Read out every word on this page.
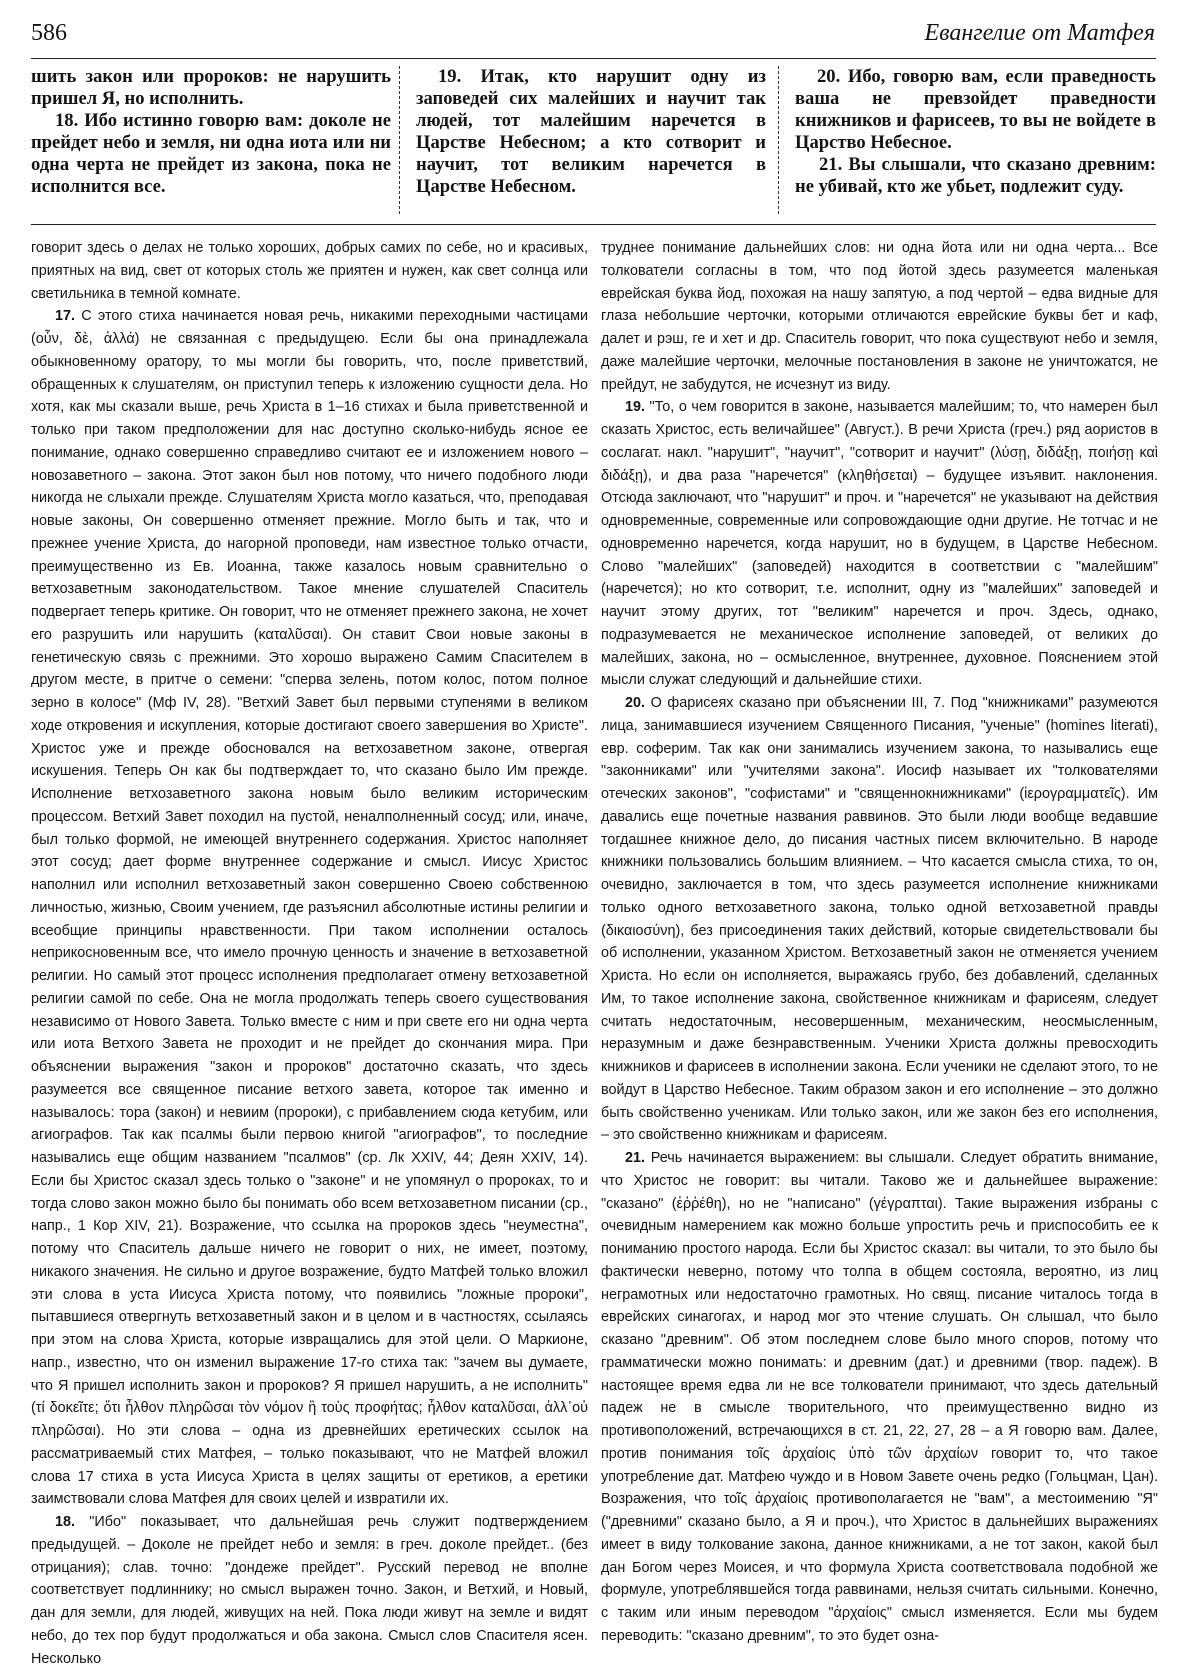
586	Евангелие от Матфея

шить закон или пророков: не нарушить пришел Я, но исполнить.

18. Ибо истинно говорю вам: доколе не прейдет небо и земля, ни одна иота или ни одна черта не прейдет из закона, пока не исполнится все.

19. Итак, кто нарушит одну из заповедей сих малейших и научит так людей, тот малейшим наречется в Царстве Небесном; а кто сотворит и научит, тот великим наречется в Царстве Небесном.

20. Ибо, говорю вам, если праведность ваша не превзойдет праведности книжников и фарисеев, то вы не войдете в Царство Небесное.

21. Вы слышали, что сказано древним: не убивай, кто же убьет, подлежит суду.

говорит здесь о делах не только хороших, добрых самих по себе, но и красивых, приятных на вид, свет от которых столь же приятен и нужен, как свет солнца или светильника в темной комнате.

17. С этого стиха начинается новая речь, никакими переходными частицами (οὖν, δὲ, ἀλλά) не связанная с предыдущею. Если бы она принадлежала обыкновенному оратору, то мы могли бы говорить, что, после приветствий, обращенных к слушателям, он приступил теперь к изложению сущности дела. Но хотя, как мы сказали выше, речь Христа в 1–16 стихах и была приветственной и только при таком предположении для нас доступно сколько-нибудь ясное ее понимание, однако совершенно справедливо считают ее и изложением нового – новозаветного – закона. Этот закон был нов потому, что ничего подобного люди никогда не слыхали прежде. Слушателям Христа могло казаться, что, преподавая новые законы, Он совершенно отменяет прежние. Могло быть и так, что и прежнее учение Христа, до нагорной проповеди, нам известное только отчасти, преимущественно из Ев. Иоанна, также казалось новым сравнительно о ветхозаветным законодательством. Такое мнение слушателей Спаситель подвергает теперь критике. Он говорит, что не отменяет прежнего закона, не хочет его разрушить или нарушить (καταλῦσαι). Он ставит Свои новые законы в генетическую связь с прежними. Это хорошо выражено Самим Спасителем в другом месте, в притче о семени: "сперва зелень, потом колос, потом полное зерно в колосе" (Мф IV, 28). "Ветхий Завет был первыми ступенями в великом ходе откровения и искупления, которые достигают своего завершения во Христе". Христос уже и прежде обосновался на ветхозаветном законе, отвергая искушения. Теперь Он как бы подтверждает то, что сказано было Им прежде. Исполнение ветхозаветного закона новым было великим историческим процессом. Ветхий Завет походил на пустой, неналполненный сосуд; или, иначе, был только формой, не имеющей внутреннего содержания. Христос наполняет этот сосуд; дает форме внутреннее содержание и смысл. Иисус Христос наполнил или исполнил ветхозаветный закон совершенно Своею собственною личностью, жизнью, Своим учением, где разъяснил абсолютные истины религии и всеобщие принципы нравственности. При таком исполнении осталось неприкосновенным все, что имело прочную ценность и значение в ветхозаветной религии. Но самый этот процесс исполнения предполагает отмену ветхозаветной религии самой по себе. Она не могла продолжать теперь своего существования независимо от Нового Завета. Только вместе с ним и при свете его ни одна черта или иота Ветхого Завета не проходит и не прейдет до скончания мира. При объяснении выражения "закон и пророков" достаточно сказать, что здесь разумеется все священное писание ветхого завета, которое так именно и называлось: тора (закон) и невиим (пророки), с прибавлением сюда кетубим, или агиографов. Так как псалмы были первою книгой "агиографов", то последние назывались еще общим названием "псалмов" (ср. Лк XXIV, 44; Деян XXIV, 14). Если бы Христос сказал здесь только о "законе" и не упомянул о пророках, то и тогда слово закон можно было бы понимать обо всем ветхозаветном писании (ср., напр., 1 Кор XIV, 21). Возражение, что ссылка на пророков здесь "неуместна", потому что Спаситель дальше ничего не говорит о них, не имеет, поэтому, никакого значения. Не сильно и другое возражение, будто Матфей только вложил эти слова в уста Иисуса Христа потому, что появились "ложные пророки", пытавшиеся отвергнуть ветхозаветный закон и в целом и в частностях, ссылаясь при этом на слова Христа, которые извращались для этой цели. О Маркионе, напр., известно, что он изменил выражение 17-го стиха так: "зачем вы думаете, что Я пришел исполнить закон и пророков? Я пришел нарушить, а не исполнить" (τί δοκεῖτε; ὅτι ἦλθον πληρῶσαι τὸν νόμον ἢ τοὺς προφήτας; ἦλθον καταλῦσαι, ἀλλ᾽οὐ πληρῶσαι). Но эти слова – одна из древнейших еретических ссылок на рассматриваемый стих Матфея, – только показывают, что не Матфей вложил слова 17 стиха в уста Иисуса Христа в целях защиты от еретиков, а еретики заимствовали слова Матфея для своих целей и извратили их.

18. "Ибо" показывает, что дальнейшая речь служит подтверждением предыдущей. – Доколе не прейдет небо и земля: в греч. доколе прейдет.. (без отрицания); слав. точно: "дондеже прейдет". Русский перевод не вполне соответствует подлиннику; но смысл выражен точно. Закон, и Ветхий, и Новый, дан для земли, для людей, живущих на ней. Пока люди живут на земле и видят небо, до тех пор будут продолжаться и оба закона. Смысл слов Спасителя ясен. Несколько

труднее понимание дальнейших слов: ни одна йота или ни одна черта... Все толкователи согласны в том, что под йотой здесь разумеется маленькая еврейская буква йод, похожая на нашу запятую, а под чертой – едва видные для глаза небольшие черточки, которыми отличаются еврейские буквы бет и каф, далет и рэш, ге и хет и др. Спаситель говорит, что пока существуют небо и земля, даже малейшие черточки, мелочные постановления в законе не уничтожатся, не прейдут, не забудутся, не исчезнут из виду.

19. "То, о чем говорится в законе, называется малейшим; то, что намерен был сказать Христос, есть величайшее" (Август.). В речи Христа (греч.) ряд аористов в сослагат. накл. "нарушит", "научит", "сотворит и научит" (λύσῃ, διδάξῃ, ποιήσῃ καὶ διδάξῃ), и два раза "наречется" (κληθήσεται) – будущее изъявит. наклонения. Отсюда заключают, что "нарушит" и проч. и "наречется" не указывают на действия одновременные, современные или сопровождающие одни другие. Не тотчас и не одновременно наречется, когда нарушит, но в будущем, в Царстве Небесном. Слово "малейших" (заповедей) находится в соответствии с "малейшим" (наречется); но кто сотворит, т.е. исполнит, одну из "малейших" заповедей и научит этому других, тот "великим" наречется и проч. Здесь, однако, подразумевается не механическое исполнение заповедей, от великих до малейших, закона, но – осмысленное, внутреннее, духовное. Пояснением этой мысли служат следующий и дальнейшие стихи.

20. О фарисеях сказано при объяснении III, 7. Под "книжниками" разумеются лица, занимавшиеся изучением Священного Писания, "ученые" (homines literati), евр. соферим. Так как они занимались изучением закона, то назывались еще "законниками" или "учителями закона". Иосиф называет их "толкователями отеческих законов", "софистами" и "священнокнижниками" (ἱερογραμματεῖς). Им давались еще почетные названия раввинов. Это были люди вообще ведавшие тогдашнее книжное дело, до писания частных писем включительно. В народе книжники пользовались большим влиянием. – Что касается смысла стиха, то он, очевидно, заключается в том, что здесь разумеется исполнение книжниками только одного ветхозаветного закона, только одной ветхозаветной правды (δικαιοσύνη), без присоединения таких действий, которые свидетельствовали бы об исполнении, указанном Христом. Ветхозаветный закон не отменяется учением Христа. Но если он исполняется, выражаясь грубо, без добавлений, сделанных Им, то такое исполнение закона, свойственное книжникам и фарисеям, следует считать недостаточным, несовершенным, механическим, неосмысленным, неразумным и даже безнравственным. Ученики Христа должны превосходить книжников и фарисеев в исполнении закона. Если ученики не сделают этого, то не войдут в Царство Небесное. Таким образом закон и его исполнение – это должно быть свойственно ученикам. Или только закон, или же закон без его исполнения, – это свойственно книжникам и фарисеям.

21. Речь начинается выражением: вы слышали. Следует обратить внимание, что Христос не говорит: вы читали. Таково же и дальнейшее выражение: "сказано" (ἐῤῥέθη), но не "написано" (γέγραπται). Такие выражения избраны с очевидным намерением как можно больше упростить речь и приспособить ее к пониманию простого народа. Если бы Христос сказал: вы читали, то это было бы фактически неверно, потому что толпа в общем состояла, вероятно, из лиц неграмотных или недостаточно грамотных. Но свящ. писание читалось тогда в еврейских синагогах, и народ мог это чтение слушать. Он слышал, что было сказано "древним". Об этом последнем слове было много споров, потому что грамматически можно понимать: и древним (дат.) и древними (твор. падеж). В настоящее время едва ли не все толкователи принимают, что здесь дательный падеж не в смысле творительного, что преимущественно видно из противоположений, встречающихся в ст. 21, 22, 27, 28 – а Я говорю вам. Далее, против понимания τοῖς ἀρχαίοις ὑπὸ τῶν ἀρχαίων говорит то, что такое употребление дат. Матфею чуждо и в Новом Завете очень редко (Гольцман, Цан). Возражения, что τοῖς ἀρχαίοις противополагается не "вам", а местоимению "Я" ("древними" сказано было, а Я и проч.), что Христос в дальнейших выражениях имеет в виду толкование закона, данное книжниками, а не тот закон, какой был дан Богом через Моисея, и что формула Христа соответствовала подобной же формуле, употреблявшейся тогда раввинами, нельзя считать сильными. Конечно, с таким или иным переводом "ἀρχαίοις" смысл изменяется. Если мы будем переводить: "сказано древним", то это будет озна-
